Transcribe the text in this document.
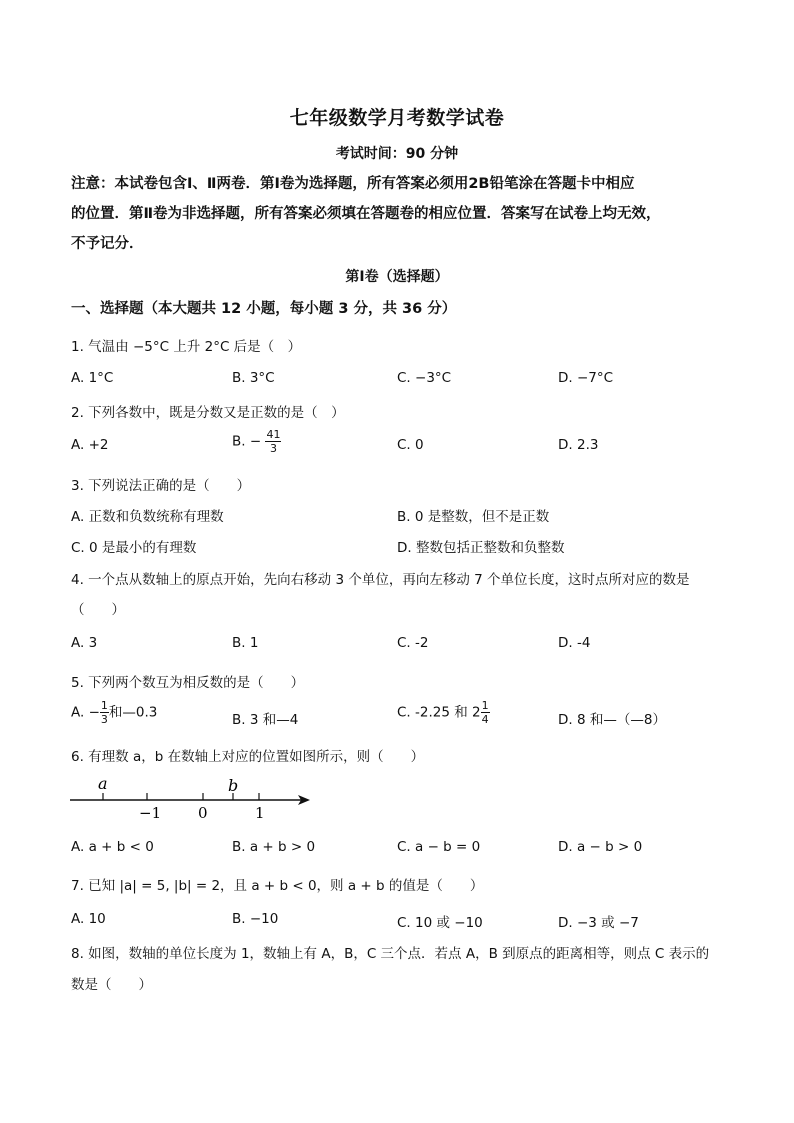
七年级数学月考数学试卷
考试时间：90 分钟
注意：本试卷包含Ⅰ、Ⅱ两卷．第Ⅰ卷为选择题，所有答案必须用2B铅笔涂在答题卡中相应
的位置．第Ⅱ卷为非选择题，所有答案必须填在答题卷的相应位置．答案写在试卷上均无效，
不予记分．
第Ⅰ卷（选择题）
一、选择题（本大题共 12 小题，每小题 3 分，共 36 分）
1. 气温由 −5°C 上升 2°C 后是（　）
A. 1°C	B. 3°C	C. −3°C	D. −7°C
2. 下列各数中，既是分数又是正数的是（　）
A. +2	B. − $\frac{41}{3}$	C. 0	D. 2.3
3. 下列说法正确的是（　　）
A. 正数和负数统称有理数	B. 0 是整数，但不是正数
C. 0 是最小的有理数	D. 整数包括正整数和负整数
4. 一个点从数轴上的原点开始，先向右移动 3 个单位，再向左移动 7 个单位长度，这时点所对应的数是
（　　）
A. 3	B. 1	C. -2	D. -4
5. 下列两个数互为相反数的是（　　）
A. − $\frac{1}{3}$ 和—0.3	B. 3 和—4	C. -2.25 和 $2 \frac{1}{4}$	D. 8 和—（—8）
6. 有理数 a，b 在数轴上对应的位置如图所示，则（　　）
a	b
−1 0	1
A. a + b < 0	B. a + b > 0	C. a − b = 0	D. a − b > 0
7. 已知 |a| = 5, |b| = 2，且 a + b < 0，则 a + b 的值是（　　）
A. 10	B. −10	C. 10 或 −10	D. −3 或 −7
8. 如图，数轴的单位长度为 1，数轴上有 A，B，C 三个点．若点 A，B 到原点的距离相等，则点 C 表示的
数是（　　）
